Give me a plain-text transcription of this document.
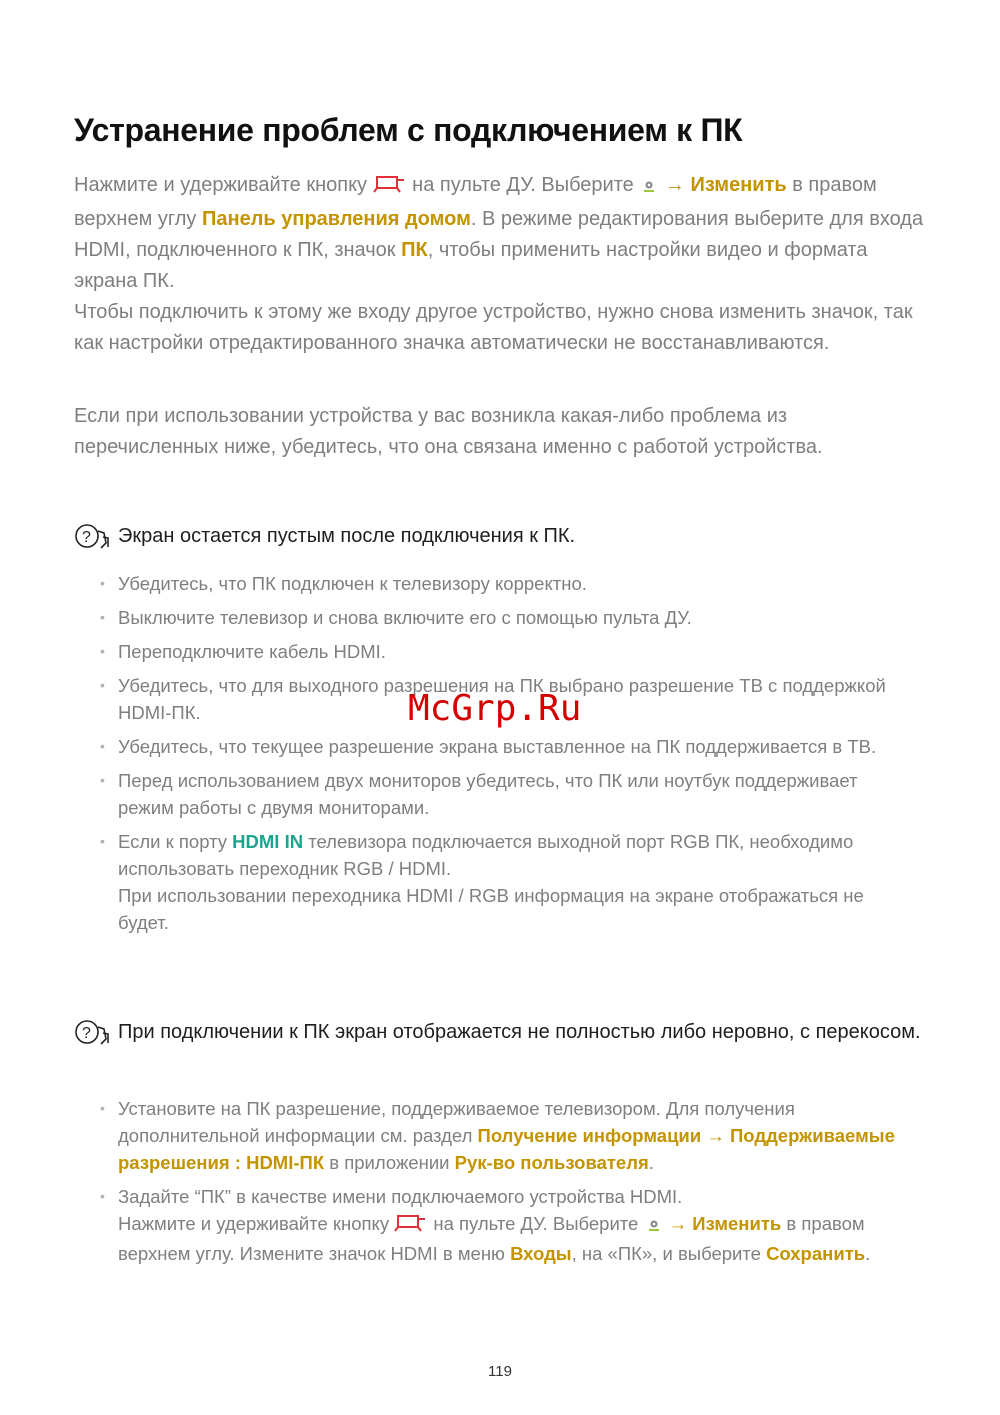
Устранение проблем с подключением к ПК

Нажмите и удерживайте кнопку на пульте ДУ. Выберите → Изменить в правом верхнем углу Панель управления домом. В режиме редактирования выберите для входа HDMI, подключенного к ПК, значок ПК, чтобы применить настройки видео и формата экрана ПК.
Чтобы подключить к этому же входу другое устройство, нужно снова изменить значок, так как настройки отредактированного значка автоматически не восстанавливаются.

Если при использовании устройства у вас возникла какая-либо проблема из перечисленных ниже, убедитесь, что она связана именно с работой устройства.

?	Экран остается пустым после подключения к ПК.
• Убедитесь, что ПК подключен к телевизору корректно.
• Выключите телевизор и снова включите его с помощью пульта ДУ.
• Переподключите кабель HDMI.
• Убедитесь, что для выходного разрешения на ПК выбрано разрешение ТВ с поддержкой HDMI-ПК.
• Убедитесь, что текущее разрешение экрана выставленное на ПК поддерживается в ТВ.
• Перед использованием двух мониторов убедитесь, что ПК или ноутбук поддерживает режим работы с двумя мониторами.
• Если к порту HDMI IN телевизора подключается выходной порт RGB ПК, необходимо использовать переходник RGB / HDMI.
При использовании переходника HDMI / RGB информация на экране отображаться не будет.
?	При подключении к ПК экран отображается не полностью либо неровно, с перекосом.
• Установите на ПК разрешение, поддерживаемое телевизором. Для получения дополнительной информации см. раздел Получение информации → Поддерживаемые разрешения : HDMI-ПК в приложении Рук-во пользователя.
• Задайте “ПК” в качестве имени подключаемого устройства HDMI.
Нажмите и удерживайте кнопку на пульте ДУ. Выберите → Изменить в правом верхнем углу. Измените значок HDMI в меню Входы, на «ПК», и выберите Сохранить.
McGrp.Ru
119
